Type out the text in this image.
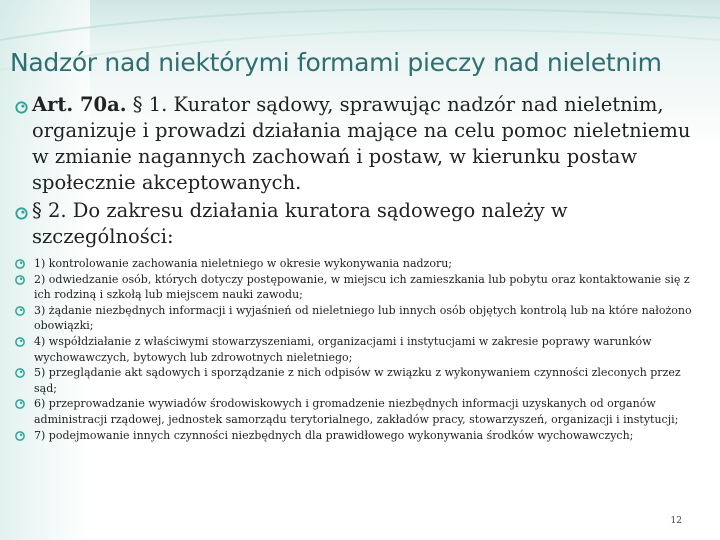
Nadzór nad niektórymi formami pieczy nad nieletnim
Art. 70a. § 1. Kurator sądowy, sprawując nadzór nad nieletnim, organizuje i prowadzi działania mające na celu pomoc nieletniemu w zmianie nagannych zachowań i postaw, w kierunku postaw społecznie akceptowanych.
§ 2. Do zakresu działania kuratora sądowego należy w szczególności:
1) kontrolowanie zachowania nieletniego w okresie wykonywania nadzoru;
2) odwiedzanie osób, których dotyczy postępowanie, w miejscu ich zamieszkania lub pobytu oraz kontaktowanie się z ich rodziną i szkołą lub miejscem nauki zawodu;
3) żądanie niezbędnych informacji i wyjaśnień od nieletniego lub innych osób objętych kontrolą lub na które nałożono obowiązki;
4) współdziałanie z właściwymi stowarzyszeniami, organizacjami i instytucjami w zakresie poprawy warunków wychowawczych, bytowych lub zdrowotnych nieletniego;
5) przeglądanie akt sądowych i sporządzanie z nich odpisów w związku z wykonywaniem czynności zleconych przez sąd;
6) przeprowadzanie wywiadów środowiskowych i gromadzenie niezbędnych informacji uzyskanych od organów administracji rządowej, jednostek samorządu terytorialnego, zakładów pracy, stowarzyszeń, organizacji i instytucji;
7) podejmowanie innych czynności niezbędnych dla prawidłowego wykonywania środków wychowawczych;
12
